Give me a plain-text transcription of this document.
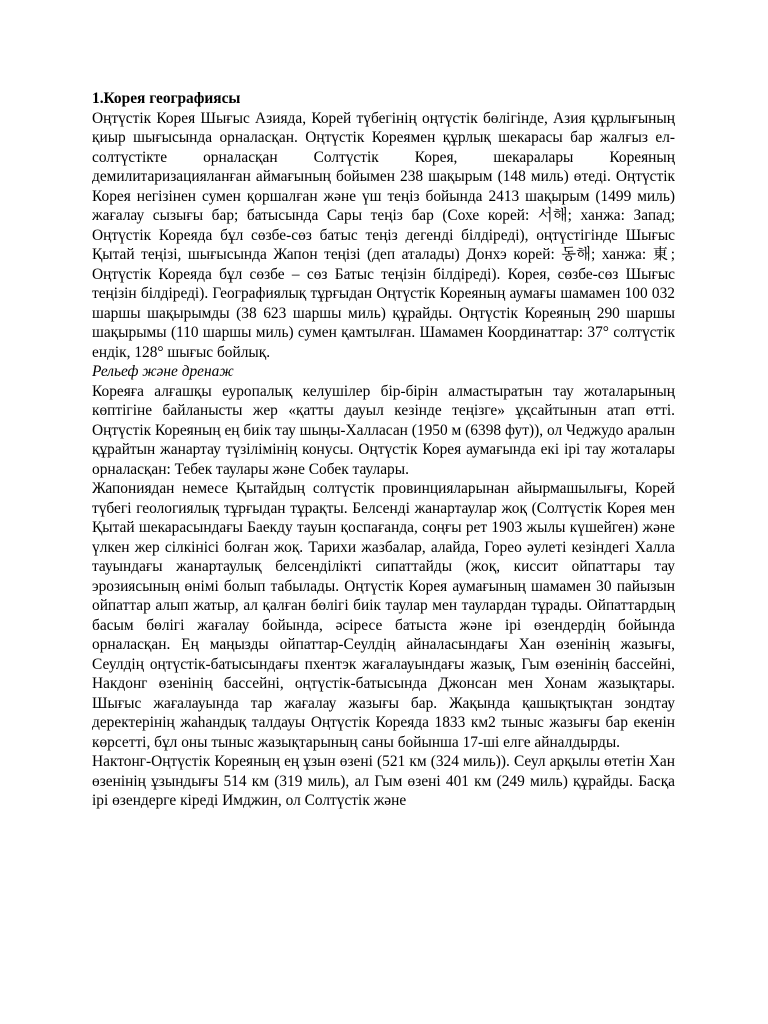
1.Корея географиясы

Оңтүстік Корея Шығыс Азияда, Корей түбегінің оңтүстік бөлігінде, Азия құрлығының қиыр шығысында орналасқан. Оңтүстік Кореямен құрлық шекарасы бар жалғыз ел-солтүстікте орналасқан Солтүстік Корея, шекаралары Кореяның демилитаризацияланған аймағының бойымен 238 шақырым (148 миль) өтеді. Оңтүстік Корея негізінен сумен қоршалған және үш теңіз бойында 2413 шақырым (1499 миль) жағалау сызығы бар; батысында Сары теңіз бар (Сохе корей: 서해; ханжа: Запад; Оңтүстік Кореяда бұл сөзбе-сөз батыс теңіз дегенді білдіреді), оңтүстігінде Шығыс Қытай теңізі, шығысында Жапон теңізі (деп аталады) Донхэ корей: 동해; ханжа: 東; Оңтүстік Кореяда бұл сөзбе – сөз Батыс теңізін білдіреді). Корея, сөзбе-сөз Шығыс теңізін білдіреді). Географиялық тұрғыдан Оңтүстік Кореяның аумағы шамамен 100 032 шаршы шақырымды (38 623 шаршы миль) құрайды. Оңтүстік Кореяның 290 шаршы шақырымы (110 шаршы миль) сумен қамтылған. Шамамен Координаттар: 37° солтүстік ендік, 128° шығыс бойлық.

Рельеф және дренаж

Кореяға алғашқы еуропалық келушілер бір-бірін алмастыратын тау жоталарының көптігіне байланысты жер «қатты дауыл кезінде теңізге» ұқсайтынын атап өтті. Оңтүстік Кореяның ең биік тау шыңы-Халласан (1950 м (6398 фут)), ол Чеджудо аралын құрайтын жанартау түзілімінің конусы. Оңтүстік Корея аумағында екі ірі тау жоталары орналасқан: Тебек таулары және Собек таулары.

Жапониядан немесе Қытайдың солтүстік провинцияларынан айырмашылығы, Корей түбегі геологиялық тұрғыдан тұрақты. Белсенді жанартаулар жоқ (Солтүстік Корея мен Қытай шекарасындағы Баекду тауын қоспағанда, соңғы рет 1903 жылы күшейген) және үлкен жер сілкінісі болған жоқ. Тарихи жазбалар, алайда, Горео әулеті кезіндегі Халла тауындағы жанартаулық белсенділікті сипаттайды (жоқ, киссит ойпаттары тау эрозиясының өнімі болып табылады. Оңтүстік Корея аумағының шамамен 30 пайызын ойпаттар алып жатыр, ал қалған бөлігі биік таулар мен таулардан тұрады. Ойпаттардың басым бөлігі жағалау бойында, әсіресе батыста және ірі өзендердің бойында орналасқан. Ең маңызды ойпаттар-Сеулдің айналасындағы Хан өзенінің жазығы, Сеулдің оңтүстік-батысындағы пхентэк жағалауындағы жазық, Гым өзенінің бассейні, Накдонг өзенінің бассейні, оңтүстік-батысында Джонсан мен Хонам жазықтары. Шығыс жағалауында тар жағалау жазығы бар. Жақында қашықтықтан зондтау деректерінің жаһандық талдауы Оңтүстік Кореяда 1833 км2 тыныс жазығы бар екенін көрсетті, бұл оны тыныс жазықтарының саны бойынша 17-ші елге айналдырды.

Нактонг-Оңтүстік Кореяның ең ұзын өзені (521 км (324 миль)). Сеул арқылы өтетін Хан өзенінің ұзындығы 514 км (319 миль), ал Гым өзені 401 км (249 миль) құрайды. Басқа ірі өзендерге кіреді Имджин, ол Солтүстік және
